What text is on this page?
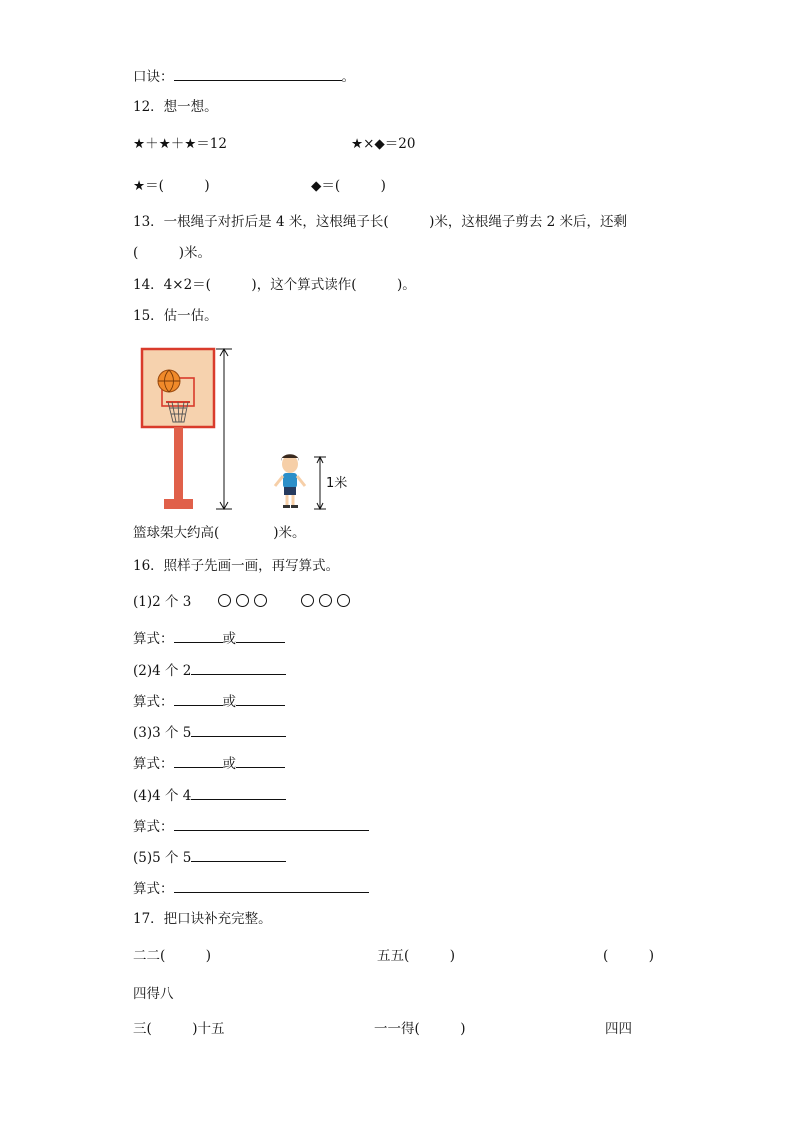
口诀：	。
12．想一想。
★＋★＋★＝12	★×◆＝20
★＝(　　　)	◆＝(　　　)
13．一根绳子对折后是 4 米，这根绳子长(　　　)米，这根绳子剪去 2 米后，还剩
(　　　)米。
14．4×2＝(　　　)，这个算式读作(　　　)。
15．估一估。
1米
篮球架大约高(　　　　)米。
16．照样子先画一画，再写算式。
(1)2 个 3
算式：	或
(2)4 个 2
算式：	或
(3)3 个 5
算式：	或
(4)4 个 4
算式：
(5)5 个 5
算式：
17．把口诀补充完整。
二二(　　　)	五五(　　　)	(　　　)
四得八
三(　　　)十五	一一得(　　　)	四四
